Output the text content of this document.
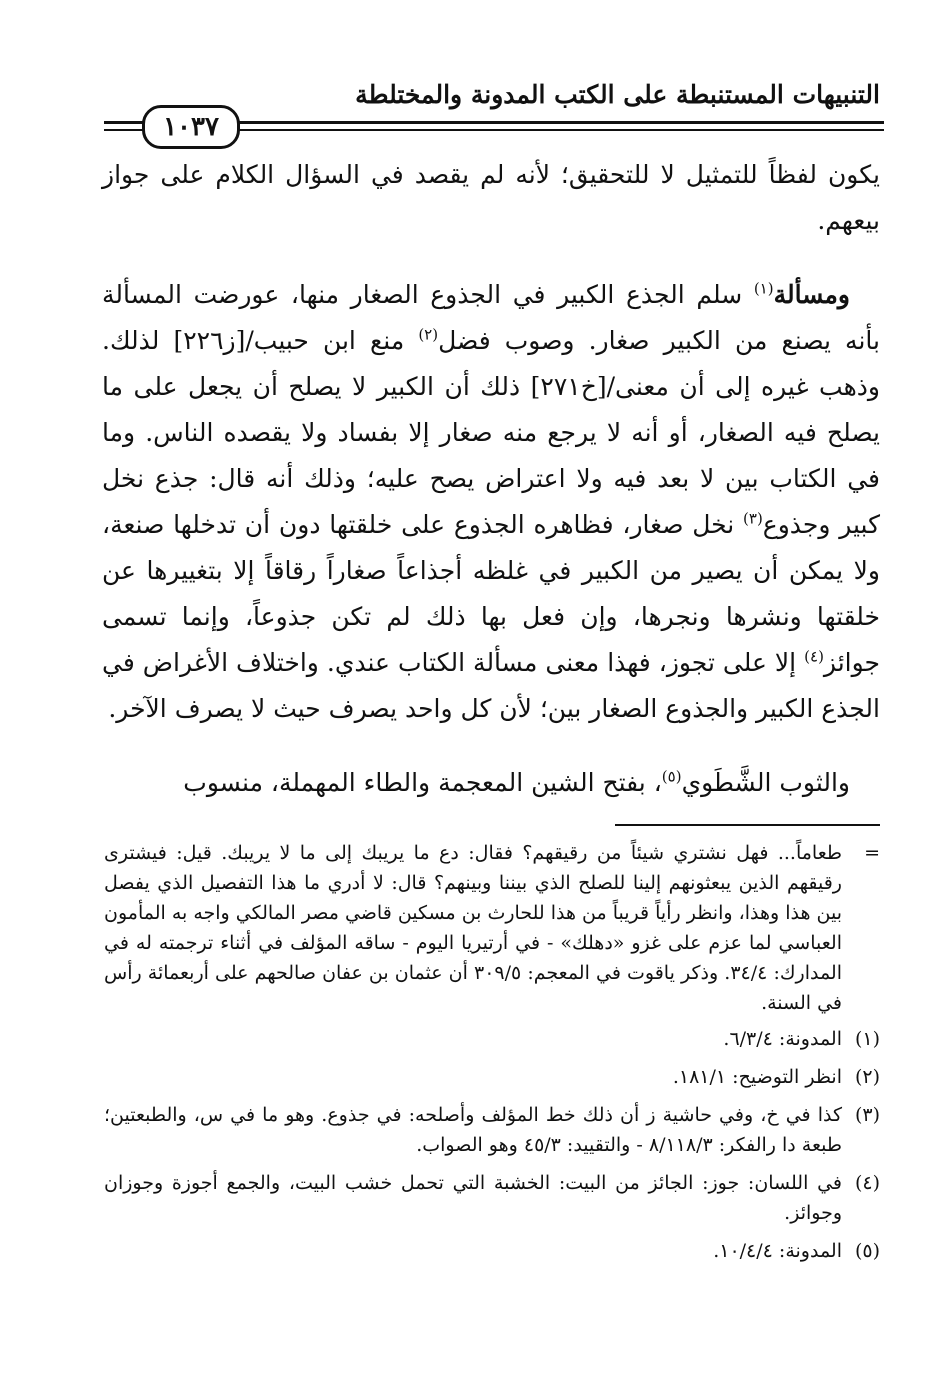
التنبيهات المستنبطة على الكتب المدونة والمختلطة
١٠٣٧

يكون لفظاً للتمثيل لا للتحقيق؛ لأنه لم يقصد في السؤال الكلام على جواز بيعهم.

ومسألة$^{(١)}$ سلم الجذع الكبير في الجذوع الصغار منها، عورضت المسألة بأنه يصنع من الكبير صغار. وصوب فضل$^{(٢)}$ منع ابن حبيب/[ز٢٢٦] لذلك. وذهب غيره إلى أن معنى/[خ٢٧١] ذلك أن الكبير لا يصلح أن يجعل على ما يصلح فيه الصغار، أو أنه لا يرجع منه صغار إلا بفساد ولا يقصده الناس. وما في الكتاب بين لا بعد فيه ولا اعتراض يصح عليه؛ وذلك أنه قال: جذع نخل كبير وجذوع$^{(٣)}$ نخل صغار، فظاهره الجذوع على خلقتها دون أن تدخلها صنعة، ولا يمكن أن يصير من الكبير في غلظه أجذاعاً صغاراً رقاقاً إلا بتغييرها عن خلقتها ونشرها ونجرها، وإن فعل بها ذلك لم تكن جذوعاً، وإنما تسمى جوائز$^{(٤)}$ إلا على تجوز، فهذا معنى مسألة الكتاب عندي. واختلاف الأغراض في الجذع الكبير والجذوع الصغار بين؛ لأن كل واحد يصرف حيث لا يصرف الآخر.

والثوب الشَّطَوي$^{(٥)}$، بفتح الشين المعجمة والطاء المهملة، منسوب

=
طعاماً... فهل نشتري شيئاً من رقيقهم؟ فقال: دع ما يريبك إلى ما لا يريبك. قيل: فيشترى رقيقهم الذين يبعثونهم إلينا للصلح الذي بيننا وبينهم؟ قال: لا أدري ما هذا التفصيل الذي يفصل بين هذا وهذا، وانظر رأياً قريباً من هذا للحارث بن مسكين قاضي مصر المالكي واجه به المأمون العباسي لما عزم على غزو «دهلك» - في أرتيريا اليوم - ساقه المؤلف في أثناء ترجمته له في المدارك: ٣٤/٤. وذكر ياقوت في المعجم: ٣٠٩/٥ أن عثمان بن عفان صالحهم على أربعمائة رأس في السنة.
(١)
المدونة: ٦/٣/٤.
(٢)
انظر التوضيح: ١٨١/١.
(٣)
كذا في خ، وفي حاشية ز أن ذلك خط المؤلف وأصلحه: في جذوع. وهو ما في س، والطبعتين؛ طبعة دا رالفكر: ٨/١١٨/٣ - والتقييد: ٤٥/٣ وهو الصواب.
(٤)
في اللسان: جوز: الجائز من البيت: الخشبة التي تحمل خشب البيت، والجمع أجوزة وجوزان وجوائز.
(٥)
المدونة: ١٠/٤/٤.
